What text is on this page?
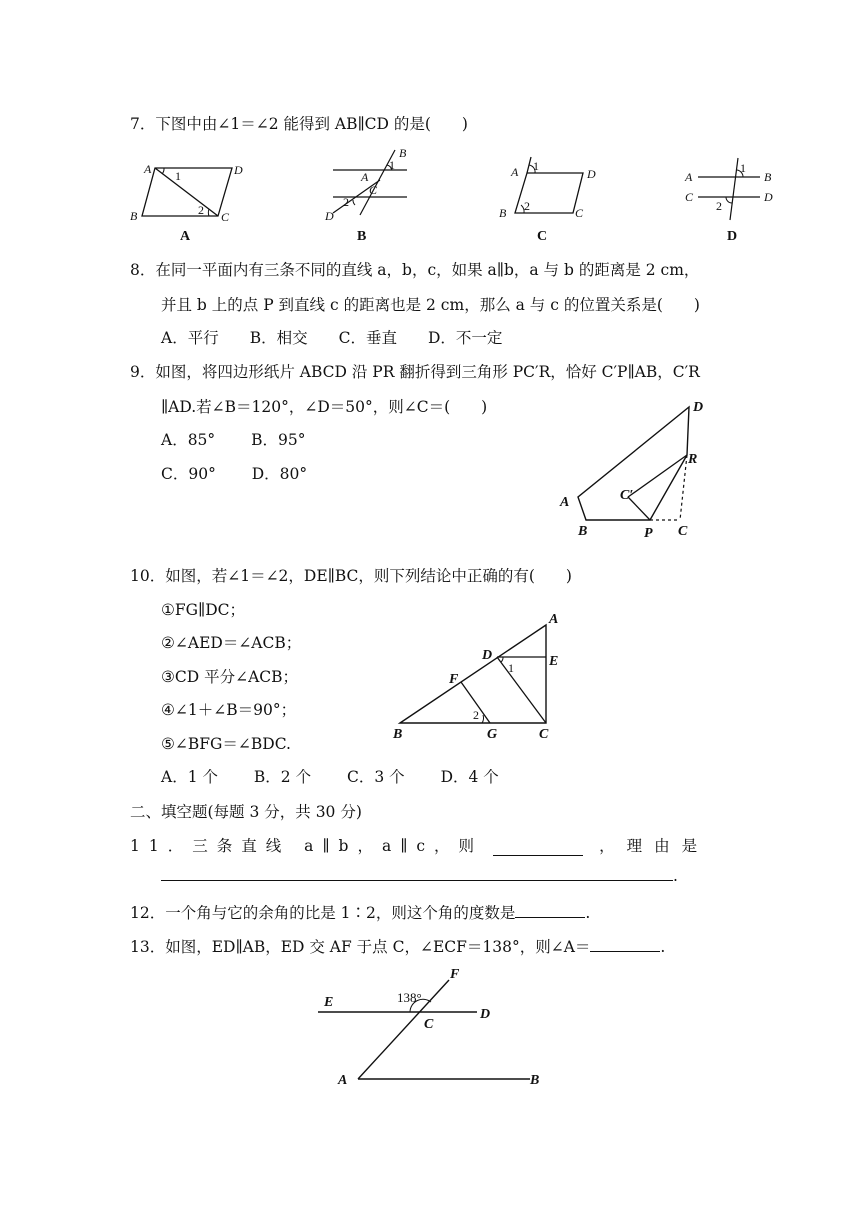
7．下图中由∠1＝∠2 能得到 AB∥CD 的是(　　)
A	D
B	C
1
2
A
B
A
1
C
2
D
B
1
A	D
B 2	C
C
A
1
B
C
2
D
D
8．在同一平面内有三条不同的直线 a，b，c，如果 a∥b，a 与 b 的距离是 2 cm，
并且 b 上的点 P 到直线 c 的距离也是 2 cm，那么 a 与 c 的位置关系是(　　)
A．平行　　B．相交　　C．垂直　　D．不一定
9．如图，将四边形纸片 ABCD 沿 PR 翻折得到三角形 PC′R，恰好 C′P∥AB，C′R
∥AD.若∠B＝120°，∠D＝50°，则∠C＝(　　)
A．85°　　 B．95°
C．90°　　 D．80°
D
R
A	C′
B	P C
10．如图，若∠1＝∠2，DE∥BC，则下列结论中正确的有(　　)
①FG∥DC；
②∠AED＝∠ACB；
③CD 平分∠ACB；
④∠1＋∠B＝90°；
⑤∠BFG＝∠BDC.
A．1 个　　 B．2 个　　 C．3 个　　 D．4 个
A
D	E
1
F
2
B	G	C
二、填空题(每题 3 分，共 30 分)
11．三条直线 a∥b，a∥c，则	，理由是
.
12．一个角与它的余角的比是 1∶2，则这个角的度数是	.
13．如图，ED∥AB，ED 交 AF 于点 C，∠ECF＝138°，则∠A＝	.
F
E	138°
C
D
A	B
